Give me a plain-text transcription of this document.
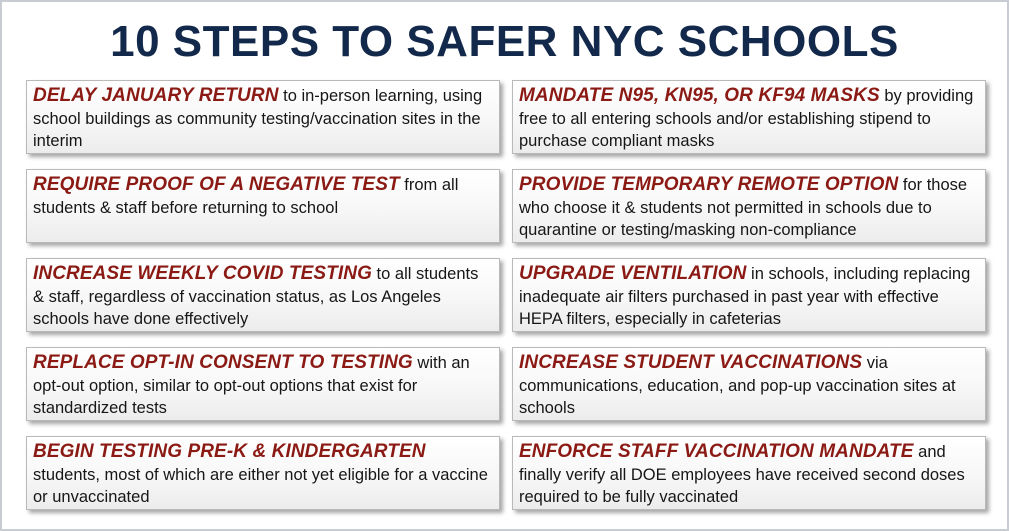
10 STEPS TO SAFER NYC SCHOOLS
DELAY JANUARY RETURN to in-person learning, using school buildings as community testing/vaccination sites in the interim
MANDATE N95, KN95, OR KF94 MASKS by providing free to all entering schools and/or establishing stipend to purchase compliant masks
REQUIRE PROOF OF A NEGATIVE TEST from all students & staff before returning to school
PROVIDE TEMPORARY REMOTE OPTION for those who choose it & students not permitted in schools due to quarantine or testing/masking non-compliance
INCREASE WEEKLY COVID TESTING to all students & staff, regardless of vaccination status, as Los Angeles schools have done effectively
UPGRADE VENTILATION in schools, including replacing inadequate air filters purchased in past year with effective HEPA filters, especially in cafeterias
REPLACE OPT-IN CONSENT TO TESTING with an opt-out option, similar to opt-out options that exist for standardized tests
INCREASE STUDENT VACCINATIONS via communications, education, and pop-up vaccination sites at schools
BEGIN TESTING PRE-K & KINDERGARTEN students, most of which are either not yet eligible for a vaccine or unvaccinated
ENFORCE STAFF VACCINATION MANDATE and finally verify all DOE employees have received second doses required to be fully vaccinated
